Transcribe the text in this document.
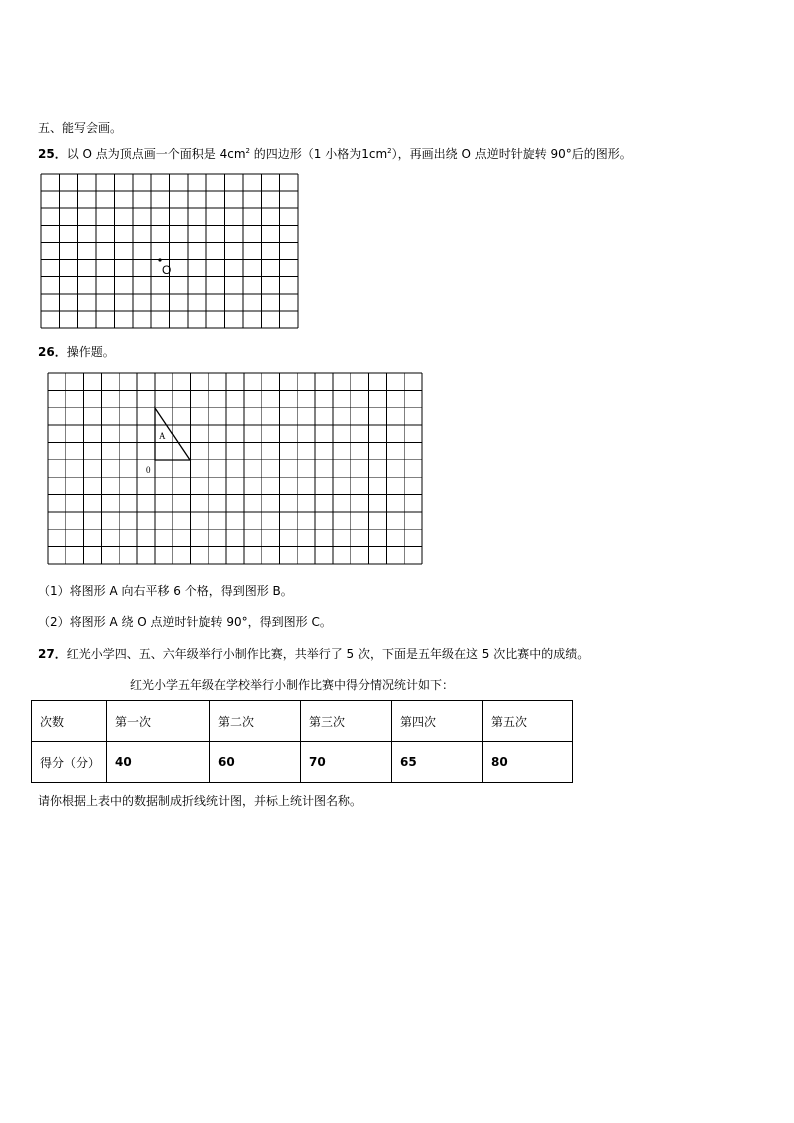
五、能写会画。
25．以 O 点为顶点画一个面积是 $4cm^2$ 的四边形（1 小格为$1cm^2$），再画出绕 O 点逆时针旋转 90°后的图形。
O
26．操作题。
A
0
（1）将图形 A 向右平移 6 个格，得到图形 B。
（2）将图形 A 绕 O 点逆时针旋转 90°，得到图形 C。
27．红光小学四、五、六年级举行小制作比赛，共举行了 5 次，下面是五年级在这 5 次比赛中的成绩。
红光小学五年级在学校举行小制作比赛中得分情况统计如下：
次数	第一次	第二次	第三次	第四次	第五次
得分（分）	40	60	70	65	80
请你根据上表中的数据制成折线统计图，并标上统计图名称。
